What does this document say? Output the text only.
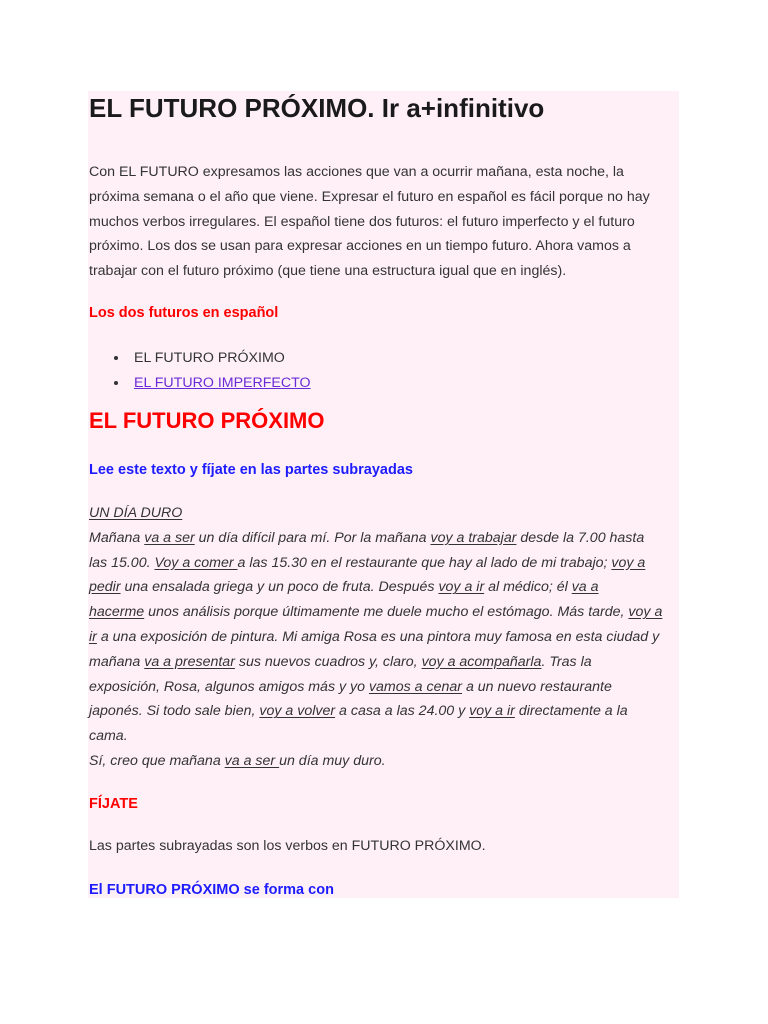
EL FUTURO PRÓXIMO. Ir a+infinitivo
Con EL FUTURO expresamos las acciones que van a ocurrir mañana, esta noche, la
próxima semana o el año que viene. Expresar el futuro en español es fácil porque no hay
muchos verbos irregulares. El español tiene dos futuros: el futuro imperfecto y el futuro
próximo. Los dos se usan para expresar acciones en un tiempo futuro. Ahora vamos a
trabajar con el futuro próximo (que tiene una estructura igual que en inglés).
Los dos futuros en español
EL FUTURO PRÓXIMO
EL FUTURO IMPERFECTO
EL FUTURO PRÓXIMO
Lee este texto y fíjate en las partes subrayadas
UN DÍA DURO
Mañana va a ser un día difícil para mí. Por la mañana voy a trabajar desde la 7.00 hasta
las 15.00. Voy a comer a las 15.30 en el restaurante que hay al lado de mi trabajo; voy a
pedir una ensalada griega y un poco de fruta. Después voy a ir al médico; él va a
hacerme unos análisis porque últimamente me duele mucho el estómago. Más tarde, voy a
ir a una exposición de pintura. Mi amiga Rosa es una pintora muy famosa en esta ciudad y
mañana va a presentar sus nuevos cuadros y, claro, voy a acompañarla. Tras la
exposición, Rosa, algunos amigos más y yo vamos a cenar a un nuevo restaurante
japonés. Si todo sale bien, voy a volver a casa a las 24.00 y voy a ir directamente a la
cama.
Sí, creo que mañana va a ser un día muy duro.
FÍJATE
Las partes subrayadas son los verbos en FUTURO PRÓXIMO.
El FUTURO PRÓXIMO se forma con
